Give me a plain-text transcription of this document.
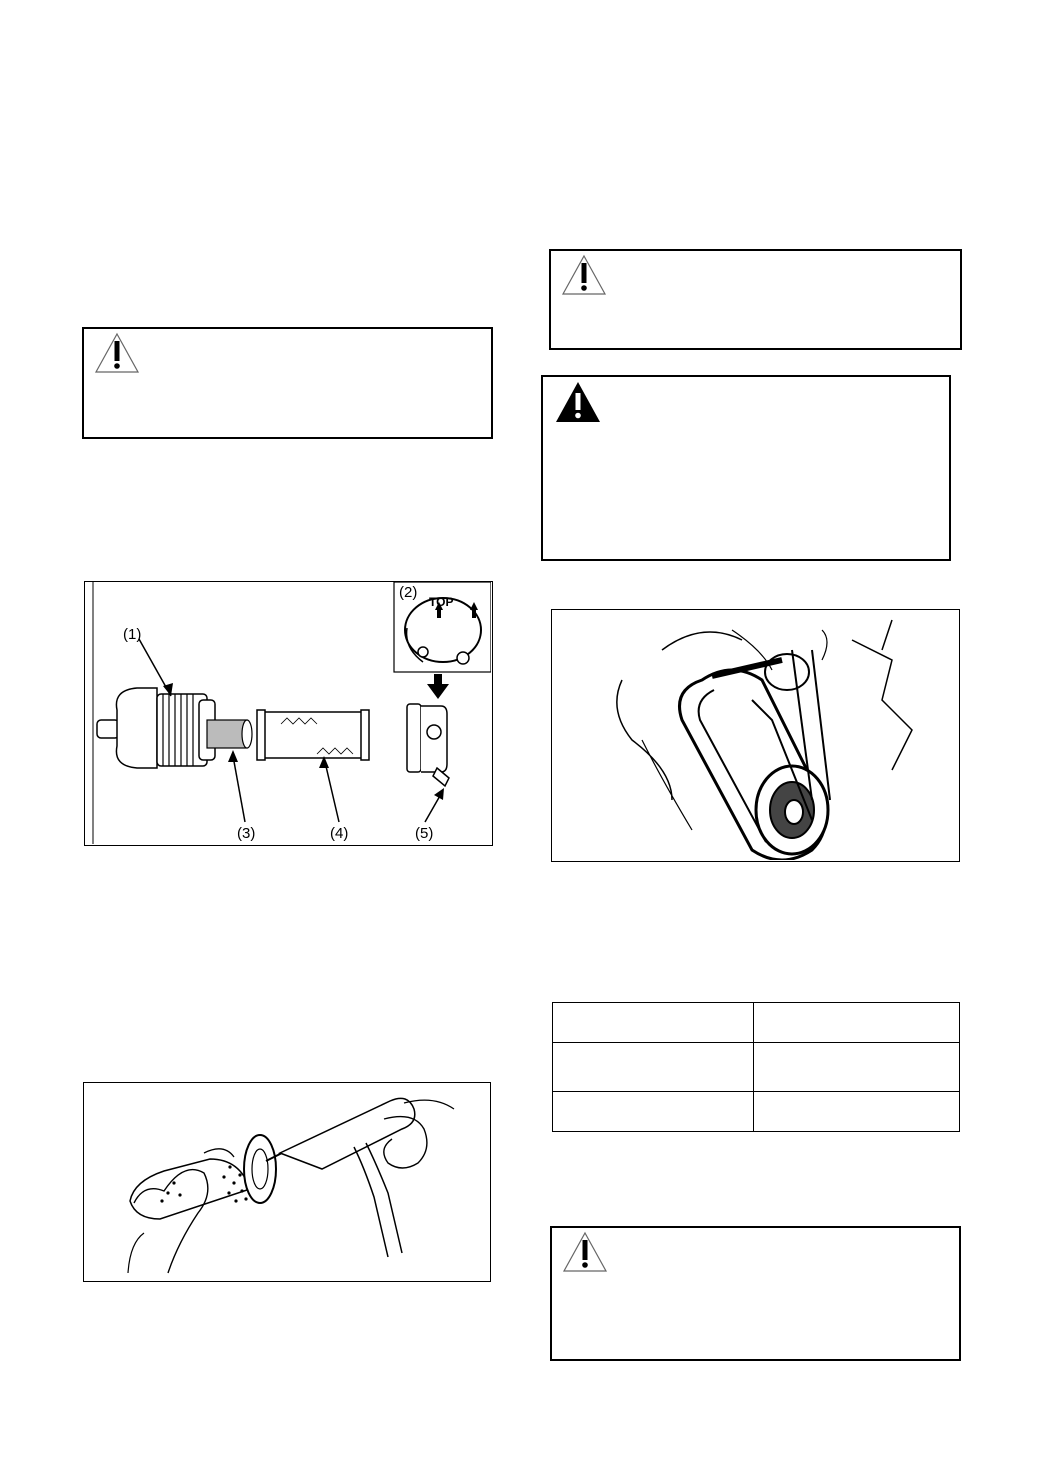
(1)
(2)
TOP
(3)	(4)	(5)
